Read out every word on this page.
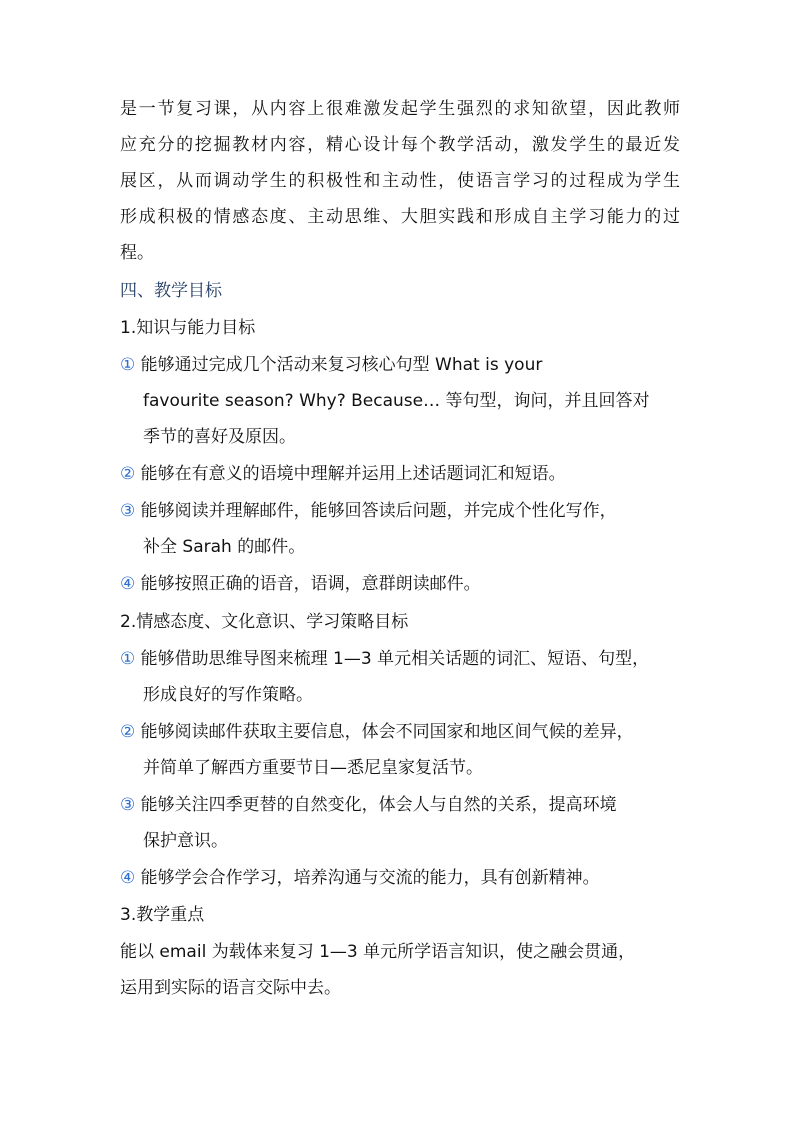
是一节复习课，从内容上很难激发起学生强烈的求知欲望，因此教师
应充分的挖掘教材内容，精心设计每个教学活动，激发学生的最近发
展区，从而调动学生的积极性和主动性，使语言学习的过程成为学生
形成积极的情感态度、主动思维、大胆实践和形成自主学习能力的过
程。
四、教学目标
1.知识与能力目标
① 能够通过完成几个活动来复习核心句型 What is your
favourite season? Why? Because… 等句型，询问，并且回答对
季节的喜好及原因。
② 能够在有意义的语境中理解并运用上述话题词汇和短语。
③ 能够阅读并理解邮件，能够回答读后问题，并完成个性化写作，
补全 Sarah 的邮件。
④ 能够按照正确的语音，语调，意群朗读邮件。
2.情感态度、文化意识、学习策略目标
① 能够借助思维导图来梳理 1—3 单元相关话题的词汇、短语、句型，
形成良好的写作策略。
② 能够阅读邮件获取主要信息，体会不同国家和地区间气候的差异，
并简单了解西方重要节日—悉尼皇家复活节。
③ 能够关注四季更替的自然变化，体会人与自然的关系，提高环境
保护意识。
④ 能够学会合作学习，培养沟通与交流的能力，具有创新精神。
3.教学重点
能以 email 为载体来复习 1—3 单元所学语言知识，使之融会贯通，
运用到实际的语言交际中去。
